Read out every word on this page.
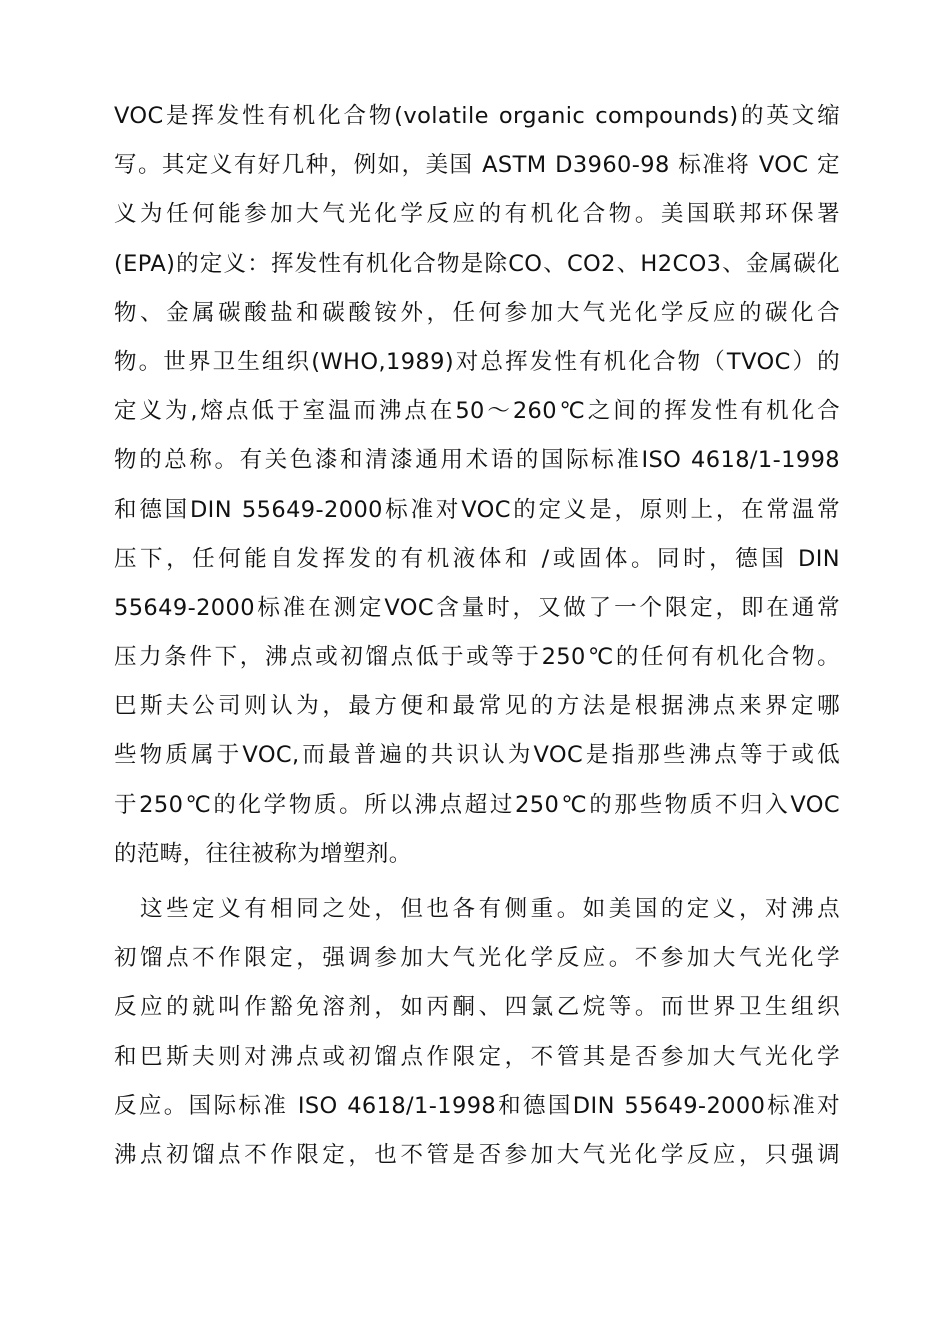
VOC是挥发性有机化合物(volatile organic compounds)的英文缩
写。其定义有好几种，例如，美国 ASTM D3960-98 标准将 VOC 定
义为任何能参加大气光化学反应的有机化合物。美国联邦环保署
(EPA)的定义：挥发性有机化合物是除CO、CO2、H2CO3、金属碳化
物、金属碳酸盐和碳酸铵外，任何参加大气光化学反应的碳化合
物。世界卫生组织(WHO,1989)对总挥发性有机化合物（TVOC）的
定义为,熔点低于室温而沸点在50～260℃之间的挥发性有机化合
物的总称。有关色漆和清漆通用术语的国际标准ISO 4618/1-1998
和德国DIN 55649-2000标准对VOC的定义是，原则上，在常温常
压下，任何能自发挥发的有机液体和 /或固体。同时，德国 DIN
55649-2000标准在测定VOC含量时，又做了一个限定，即在通常
压力条件下，沸点或初馏点低于或等于250℃的任何有机化合物。
巴斯夫公司则认为，最方便和最常见的方法是根据沸点来界定哪
些物质属于VOC,而最普遍的共识认为VOC是指那些沸点等于或低
于250℃的化学物质。所以沸点超过250℃的那些物质不归入VOC
的范畴，往往被称为增塑剂。
　这些定义有相同之处，但也各有侧重。如美国的定义，对沸点
初馏点不作限定，强调参加大气光化学反应。不参加大气光化学
反应的就叫作豁免溶剂，如丙酮、四氯乙烷等。而世界卫生组织
和巴斯夫则对沸点或初馏点作限定，不管其是否参加大气光化学
反应。国际标准 ISO 4618/1-1998和德国DIN 55649-2000标准对
沸点初馏点不作限定，也不管是否参加大气光化学反应，只强调
